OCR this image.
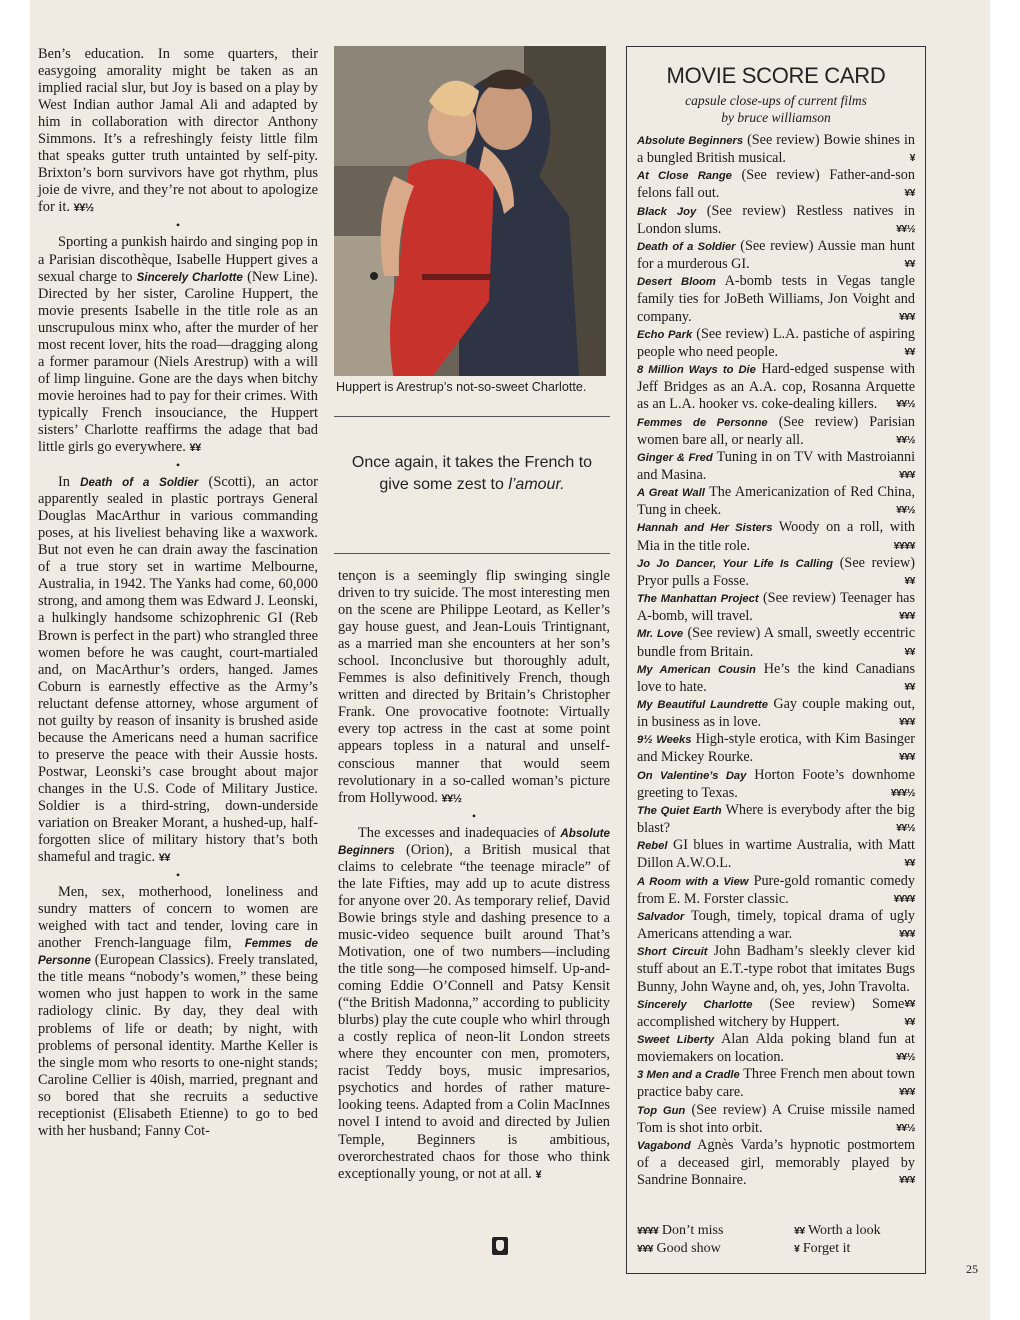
Ben’s education. In some quarters, their easygoing amorality might be taken as an implied racial slur, but Joy is based on a play by West Indian author Jamal Ali and adapted by him in collaboration with director Anthony Simmons. It’s a refreshingly feisty little film that speaks gutter truth untainted by self-pity. Brixton’s born survivors have got rhythm, plus joie de vivre, and they’re not about to apologize for it. ¥¥½

•

Sporting a punkish hairdo and singing pop in a Parisian discothèque, Isabelle Huppert gives a sexual charge to Sincerely Charlotte (New Line). Directed by her sister, Caroline Huppert, the movie presents Isabelle in the title role as an unscrupulous minx who, after the murder of her most recent lover, hits the road—dragging along a former paramour (Niels Arestrup) with a will of limp linguine. Gone are the days when bitchy movie heroines had to pay for their crimes. With typically French insouciance, the Huppert sisters’ Charlotte reaffirms the adage that bad little girls go everywhere. ¥¥

•

In Death of a Soldier (Scotti), an actor apparently sealed in plastic portrays General Douglas MacArthur in various commanding poses, at his liveliest behaving like a waxwork. But not even he can drain away the fascination of a true story set in wartime Melbourne, Australia, in 1942. The Yanks had come, 60,000 strong, and among them was Edward J. Leonski, a hulkingly handsome schizophrenic GI (Reb Brown is perfect in the part) who strangled three women before he was caught, court-martialed and, on MacArthur’s orders, hanged. James Coburn is earnestly effective as the Army’s reluctant defense attorney, whose argument of not guilty by reason of insanity is brushed aside because the Americans need a human sacrifice to preserve the peace with their Aussie hosts. Postwar, Leonski’s case brought about major changes in the U.S. Code of Military Justice. Soldier is a third-string, down-underside variation on Breaker Morant, a hushed-up, half-forgotten slice of military history that’s both shameful and tragic. ¥¥

•

Men, sex, motherhood, loneliness and sundry matters of concern to women are weighed with tact and tender, loving care in another French-language film, Femmes de Personne (European Classics). Freely translated, the title means “nobody’s women,” these being women who just happen to work in the same radiology clinic. By day, they deal with problems of life or death; by night, with problems of personal identity. Marthe Keller is the single mom who resorts to one-night stands; Caroline Cellier is 40ish, married, pregnant and so bored that she recruits a seductive receptionist (Elisabeth Etienne) to go to bed with her husband; Fanny Cot-

Huppert is Arestrup’s not-so-sweet Charlotte.
Once again, it takes the French to give some zest to l’amour.

tençon is a seemingly flip swinging single driven to try suicide. The most interesting men on the scene are Philippe Leotard, as Keller’s gay house guest, and Jean-Louis Trintignant, as a married man she encounters at her son’s school. Inconclusive but thoroughly adult, Femmes is also definitively French, though written and directed by Britain’s Christopher Frank. One provocative footnote: Virtually every top actress in the cast at some point appears topless in a natural and unself-conscious manner that would seem revolutionary in a so-called woman’s picture from Hollywood. ¥¥½

•

The excesses and inadequacies of Absolute Beginners (Orion), a British musical that claims to celebrate “the teenage miracle” of the late Fifties, may add up to acute distress for anyone over 20. As temporary relief, David Bowie brings style and dashing presence to a music-video sequence built around That’s Motivation, one of two numbers—including the title song—he composed himself. Up-and-coming Eddie O’Connell and Patsy Kensit (“the British Madonna,” according to publicity blurbs) play the cute couple who whirl through a costly replica of neon-lit London streets where they encounter con men, promoters, racist Teddy boys, music impresarios, psychotics and hordes of rather mature-looking teens. Adapted from a Colin MacInnes novel I intend to avoid and directed by Julien Temple, Beginners is ambitious, overorchestrated chaos for those who think exceptionally young, or not at all. ¥

MOVIE SCORE CARD
capsule close-ups of current films
by bruce williamson

Absolute Beginners (See review) Bowie shines in a bungled British musical.	¥

At Close Range (See review) Father-and-son felons fall out.	¥¥

Black Joy (See review) Restless natives in London slums.	¥¥½

Death of a Soldier (See review) Aussie man hunt for a murderous GI.	¥¥

Desert Bloom A-bomb tests in Vegas tangle family ties for JoBeth Williams, Jon Voight and company.	¥¥¥

Echo Park (See review) L.A. pastiche of aspiring people who need people.	¥¥

8 Million Ways to Die Hard-edged suspense with Jeff Bridges as an A.A. cop, Rosanna Arquette as an L.A. hooker vs. coke-dealing killers. ¥¥½

Femmes de Personne (See review) Parisian women bare all, or nearly all.	¥¥½

Ginger & Fred Tuning in on TV with Mastroianni and Masina.	¥¥¥

A Great Wall The Americanization of Red China, Tung in cheek.	¥¥½

Hannah and Her Sisters Woody on a roll, with Mia in the title role.	¥¥¥¥

Jo Jo Dancer, Your Life Is Calling (See review) Pryor pulls a Fosse.	¥¥

The Manhattan Project (See review) Teenager has A-bomb, will travel.	¥¥¥

Mr. Love (See review) A small, sweetly eccentric bundle from Britain.	¥¥

My American Cousin He’s the kind Canadians love to hate.	¥¥

My Beautiful Laundrette Gay couple making out, in business as in love.	¥¥¥

9½ Weeks High-style erotica, with Kim Basinger and Mickey Rourke.	¥¥¥

On Valentine’s Day Horton Foote’s downhome greeting to Texas.	¥¥¥½

The Quiet Earth Where is everybody after the big blast?	¥¥½

Rebel GI blues in wartime Australia, with Matt Dillon A.W.O.L.	¥¥

A Room with a View Pure-gold romantic comedy from E. M. Forster classic.	¥¥¥¥

Salvador Tough, timely, topical drama of ugly Americans attending a war.	¥¥¥

Short Circuit John Badham’s sleekly clever kid stuff about an E.T.-type robot that imitates Bugs Bunny, John Wayne and, oh, yes, John Travolta.
¥¥

Sincerely Charlotte (See review) Some accomplished witchery by Huppert.	¥¥

Sweet Liberty Alan Alda poking bland fun at moviemakers on location.	¥¥½

3 Men and a Cradle Three French men about town practice baby care.	¥¥¥

Top Gun (See review) A Cruise missile named Tom is shot into orbit.	¥¥½

Vagabond Agnès Varda’s hypnotic postmortem of a deceased girl, memorably played by Sandrine Bonnaire.	¥¥¥

¥¥¥¥ Don’t miss	¥¥ Worth a look
¥¥¥ Good show	¥ Forget it
25
